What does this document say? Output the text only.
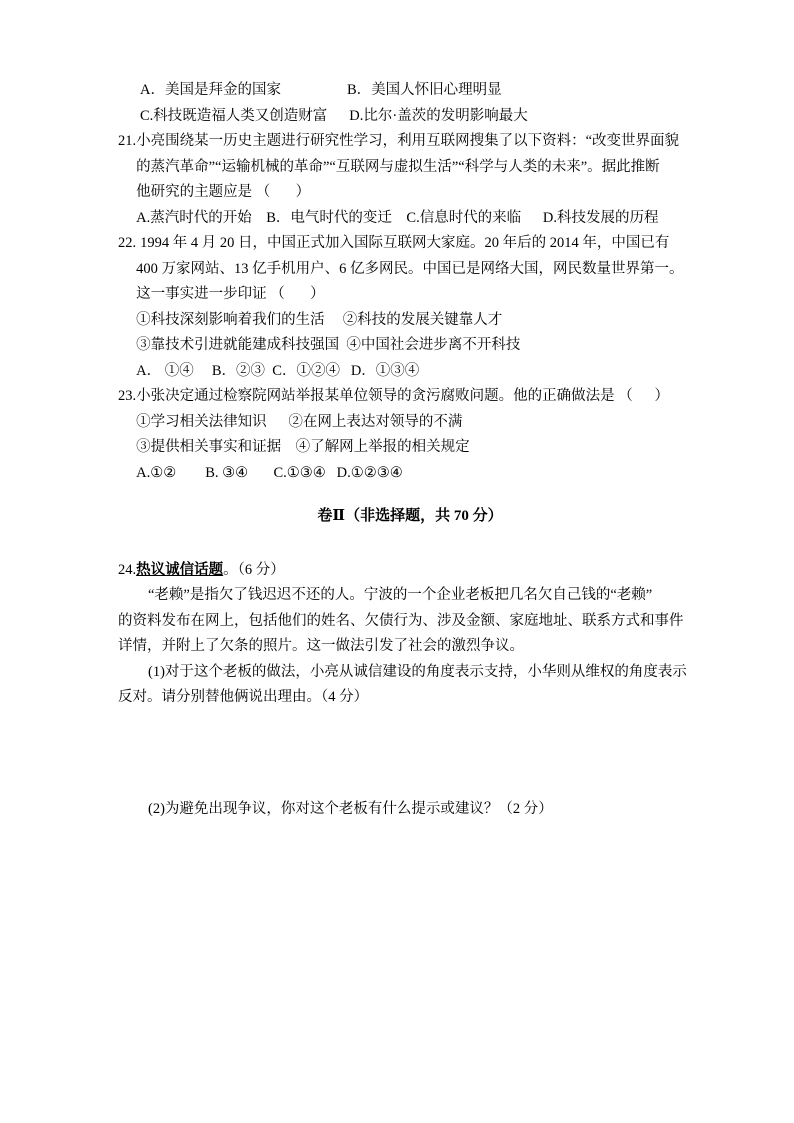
A．美国是拜金的国家	B．美国人怀旧心理明显
C.科技既造福人类又创造财富 D.比尔·盖茨的发明影响最大
21. 小亮围绕某一历史主题进行研究性学习，利用互联网搜集了以下资料：“改变世界面貌
的蒸汽革命”“运输机械的革命”“互联网与虚拟生活”“科学与人类的未来”。据此推断
他研究的主题应是 （       ）
A.蒸汽时代的开始    B．电气时代的变迁    C.信息时代的来临      D.科技发展的历程
22. 1994 年 4 月 20 日，中国正式加入国际互联网大家庭。20 年后的 2014 年，中国已有
400 万家网站、13 亿手机用户、6 亿多网民。中国已是网络大国，网民数量世界第一。
这一事实进一步印证 （       ）
①科技深刻影响着我们的生活     ②科技的发展关键靠人才
③靠技术引进就能建成科技强国  ④中国社会进步离不开科技
A． ①④     B．②③  C．①②④   D．①③④
23. 小张决定通过检察院网站举报某单位领导的贪污腐败问题。他的正确做法是 （      ）
①学习相关法律知识      ②在网上表达对领导的不满
③提供相关事实和证据    ④了解网上举报的相关规定
A.①②        B. ③④       C.①③④   D.①②③④
卷Ⅱ（非选择题，共 70 分）
24.热议诚信话题。（6 分）
“老赖”是指欠了钱迟迟不还的人。宁波的一个企业老板把几名欠自己钱的“老赖”
的资料发布在网上，包括他们的姓名、欠债行为、涉及金额、家庭地址、联系方式和事件
详情，并附上了欠条的照片。这一做法引发了社会的激烈争议。
(1)对于这个老板的做法，小亮从诚信建设的角度表示支持，小华则从维权的角度表示
反对。请分别替他俩说出理由。（4 分）
(2)为避免出现争议，你对这个老板有什么提示或建议？（2 分）
